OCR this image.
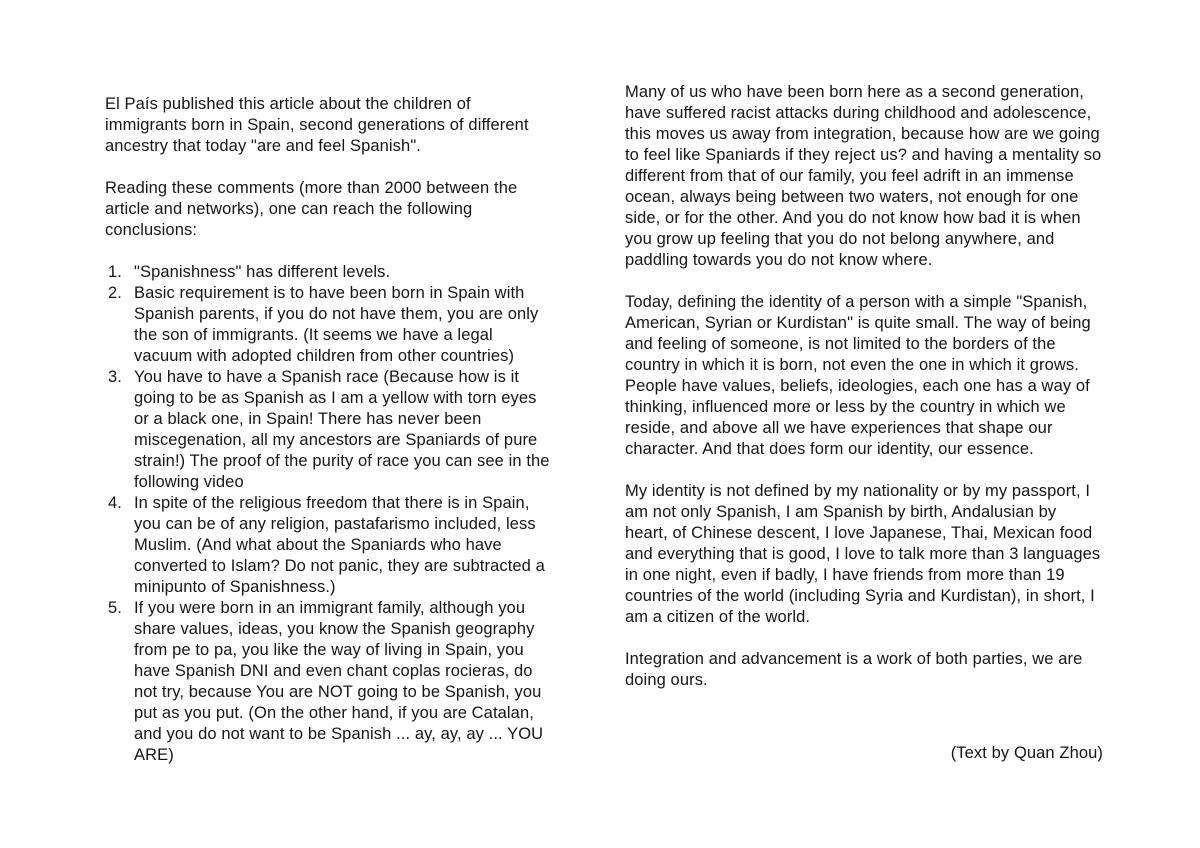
El País published this article about the children of immigrants born in Spain, second generations of different ancestry that today "are and feel Spanish".

Reading these comments (more than 2000 between the article and networks), one can reach the following conclusions:

"Spanishness" has different levels.
Basic requirement is to have been born in Spain with Spanish parents, if you do not have them, you are only the son of immigrants. (It seems we have a legal vacuum with adopted children from other countries)
You have to have a Spanish race (Because how is it going to be as Spanish as I am a yellow with torn eyes or a black one, in Spain! There has never been miscegenation, all my ancestors are Spaniards of pure strain!) The proof of the purity of race you can see in the following video
In spite of the religious freedom that there is in Spain, you can be of any religion, pastafarismo included, less Muslim. (And what about the Spaniards who have converted to Islam? Do not panic, they are subtracted a minipunto of Spanishness.)
If you were born in an immigrant family, although you share values, ideas, you know the Spanish geography from pe to pa, you like the way of living in Spain, you have Spanish DNI and even chant coplas rocieras, do not try, because You are NOT going to be Spanish, you put as you put. (On the other hand, if you are Catalan, and you do not want to be Spanish ... ay, ay, ay ... YOU ARE)

Many of us who have been born here as a second generation, have suffered racist attacks during childhood and adolescence, this moves us away from integration, because how are we going to feel like Spaniards if they reject us? and having a mentality so different from that of our family, you feel adrift in an immense ocean, always being between two waters, not enough for one side, or for the other. And you do not know how bad it is when you grow up feeling that you do not belong anywhere, and paddling towards you do not know where.

Today, defining the identity of a person with a simple "Spanish, American, Syrian or Kurdistan" is quite small. The way of being and feeling of someone, is not limited to the borders of the country in which it is born, not even the one in which it grows. People have values, beliefs, ideologies, each one has a way of thinking, influenced more or less by the country in which we reside, and above all we have experiences that shape our character. And that does form our identity, our essence.

My identity is not defined by my nationality or by my passport, I am not only Spanish, I am Spanish by birth, Andalusian by heart, of Chinese descent, I love Japanese, Thai, Mexican food and everything that is good, I love to talk more than 3 languages in one night, even if badly, I have friends from more than 19 countries of the world (including Syria and Kurdistan), in short, I am a citizen of the world.

Integration and advancement is a work of both parties, we are doing ours.

(Text by Quan Zhou)
